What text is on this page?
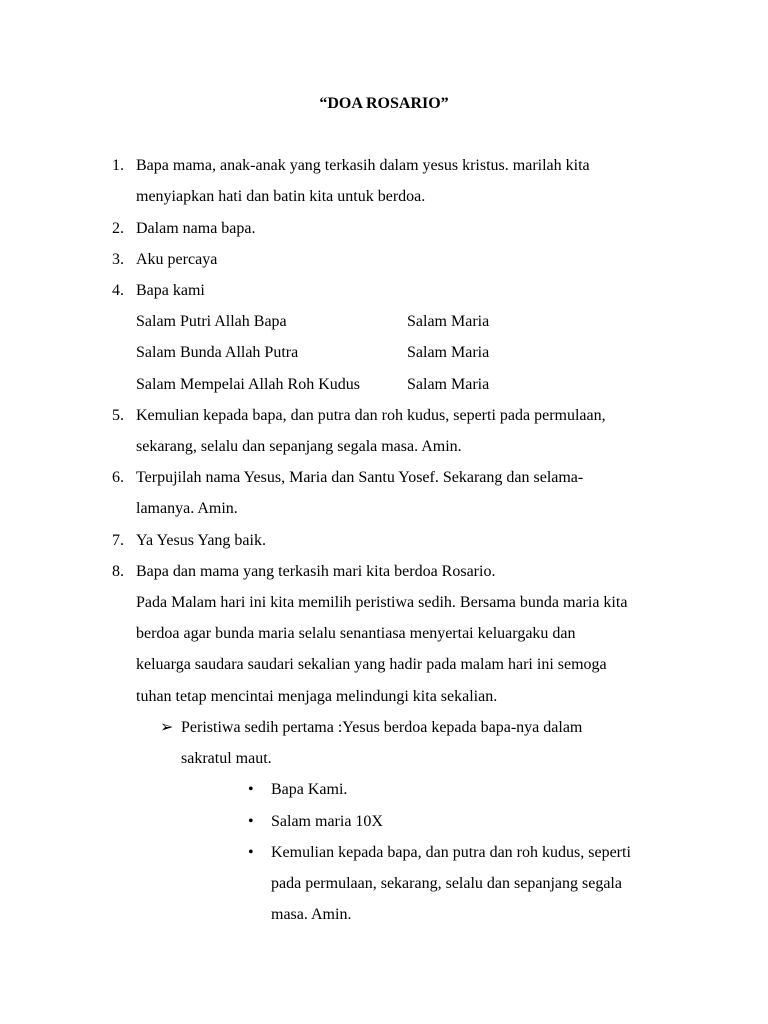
“DOA ROSARIO”
1. Bapa mama, anak-anak yang terkasih dalam yesus kristus. marilah kita
menyiapkan hati dan batin kita untuk berdoa.
2. Dalam nama bapa.
3. Aku percaya
4. Bapa kami
Salam Putri Allah Bapa	Salam Maria
Salam Bunda Allah Putra	Salam Maria
Salam Mempelai Allah Roh Kudus	Salam Maria
5. Kemulian kepada bapa, dan putra dan roh kudus, seperti pada permulaan,
sekarang, selalu dan sepanjang segala masa. Amin.
6. Terpujilah nama Yesus, Maria dan Santu Yosef. Sekarang dan selama-
lamanya. Amin.
7. Ya Yesus Yang baik.
8. Bapa dan mama yang terkasih mari kita berdoa Rosario.
Pada Malam hari ini kita memilih peristiwa sedih. Bersama bunda maria kita
berdoa agar bunda maria selalu senantiasa menyertai keluargaku dan
keluarga saudara saudari sekalian yang hadir pada malam hari ini semoga
tuhan tetap mencintai menjaga melindungi kita sekalian.
➢ Peristiwa sedih pertama :Yesus berdoa kepada bapa-nya dalam
sakratul maut.
• Bapa Kami.
• Salam maria 10X
• Kemulian kepada bapa, dan putra dan roh kudus, seperti
pada permulaan, sekarang, selalu dan sepanjang segala
masa. Amin.
